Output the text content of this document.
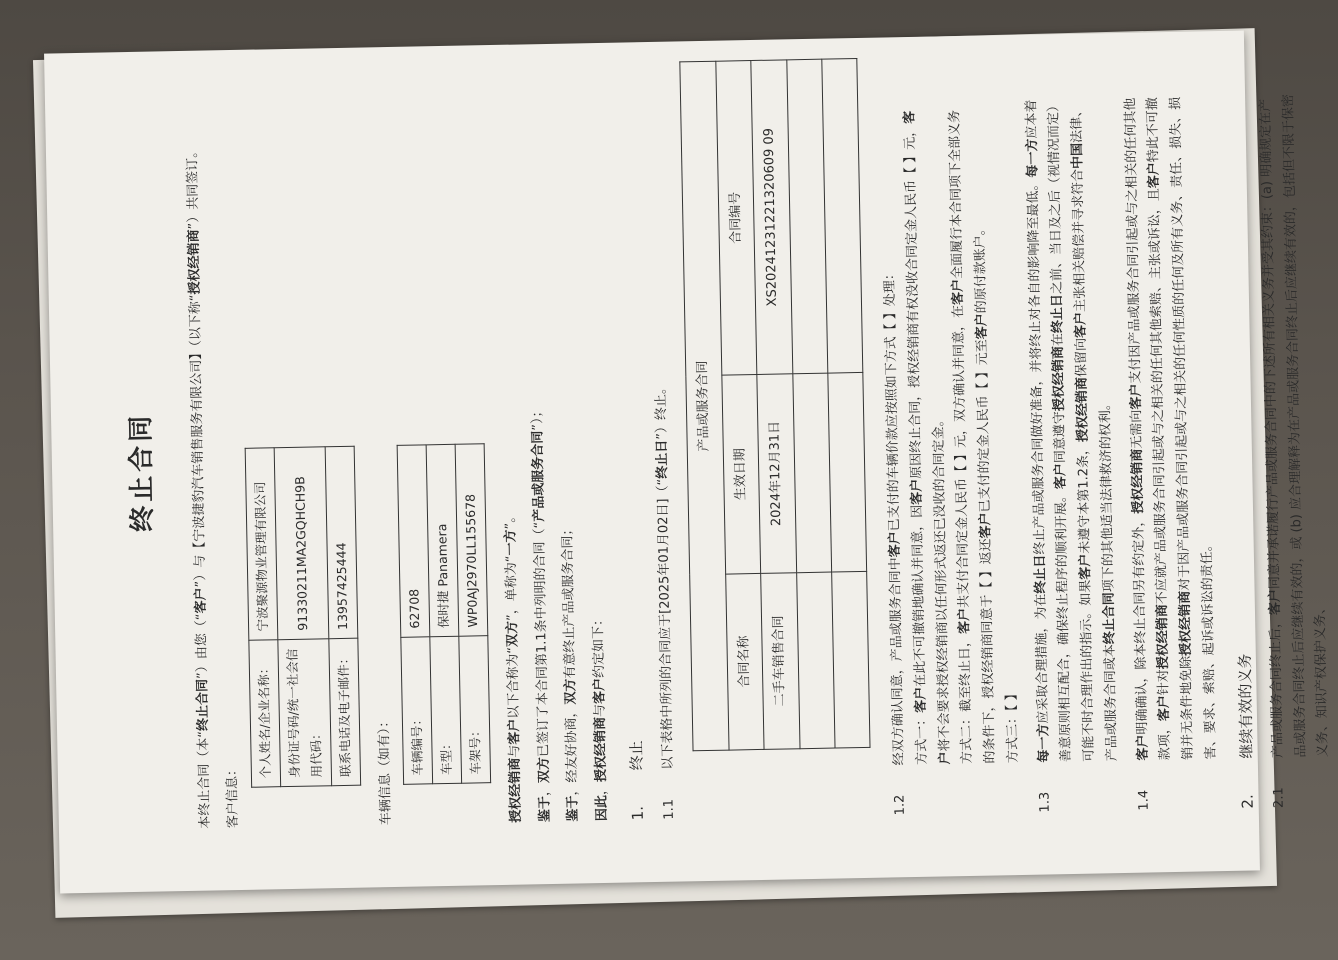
终止合同

本终止合同（本“终止合同”）由您（“客户”）与【宁波捷豹汽车销售服务有限公司】（以下称“授权经销商”）共同签订。

客户信息：

个人姓名/企业名称：	宁波聚源物业管理有限公司
身份证号码/统一社会信用代码：	91330211MA2GQHCH9B
联系电话及电子邮件：	13957425444

车辆信息（如有）：	车辆编号：	62708
车型：	保时捷 Panamera
车架号：	WP0AJ2970LL155678

授权经销商与客户以下合称为“双方”，单称为“一方”。

鉴于，双方已签订了本合同第1.1条中列明的合同（“产品或服务合同”）；

鉴于，经友好协商，双方有意终止产品或服务合同；

因此，授权经销商与客户约定如下：

1.
终止
1.1
以下表格中所列的合同应于[2025年01月02日]（“终止日”）终止。	产品或服务合同		
合同名称	生效日期	合同编号
二手车销售合同	2024年12月31日	XS20241231221320609 09

1.2
经双方确认同意，产品或服务合同中客户已支付的车辆价款应按照如下方式【 】处理：
方式一：客户在此不可撤销地确认并同意，因客户原因终止合同，授权经销商有权没收合同定金人民币【 】元，客户将不会要求授权经销商以任何形式返还已没收的合同定金。 方式二：截至终止日，客户共支付合同定金人民币【 】元，双方确认并同意，在客户全面履行本合同项下全部义务的条件下，授权经销商同意于【 】返还客户已支付的定金人民币【 】元至客户的原付款账户。
方式三：【 】
1.3
每一方应采取合理措施，为在终止日终止产品或服务合同做好准备，并将终止对各自的影响降至最低。每一方应本着善意原则相互配合，确保终止程序的顺利开展。客户同意遵守授权经销商在终止日之前、当日及之后（视情况而定）可能不时合理作出的指示。如果客户未遵守本第1.2条，授权经销商保留向客户主张相关赔偿并寻求符合中国法律、产品或服务合同或本终止合同项下的其他适当法律救济的权利。
1.4
客户明确确认，除本终止合同另有约定外，授权经销商无需向客户支付因产品或服务合同引起或与之相关的任何其他款项，客户针对授权经销商不应就产品或服务合同引起或与之相关的任何其他索赔、主张或诉讼，且客户特此不可撤销并无条件地免除授权经销商对于因产品或服务合同引起或与之相关的任何性质的任何及所有义务、责任、损失、损害、要求、索赔、起诉或诉讼的责任。
2.
继续有效的义务
2.1
产品或服务合同终止后，客户同意并承诺履行产品或服务合同中的下述所有相关义务并受其约束：(a) 明确规定在产品或服务合同终止后应继续有效的，或 (b) 应合理解释为在产品或服务合同终止后应继续有效的，包括但不限于保密义务、知识产权保护义务、
